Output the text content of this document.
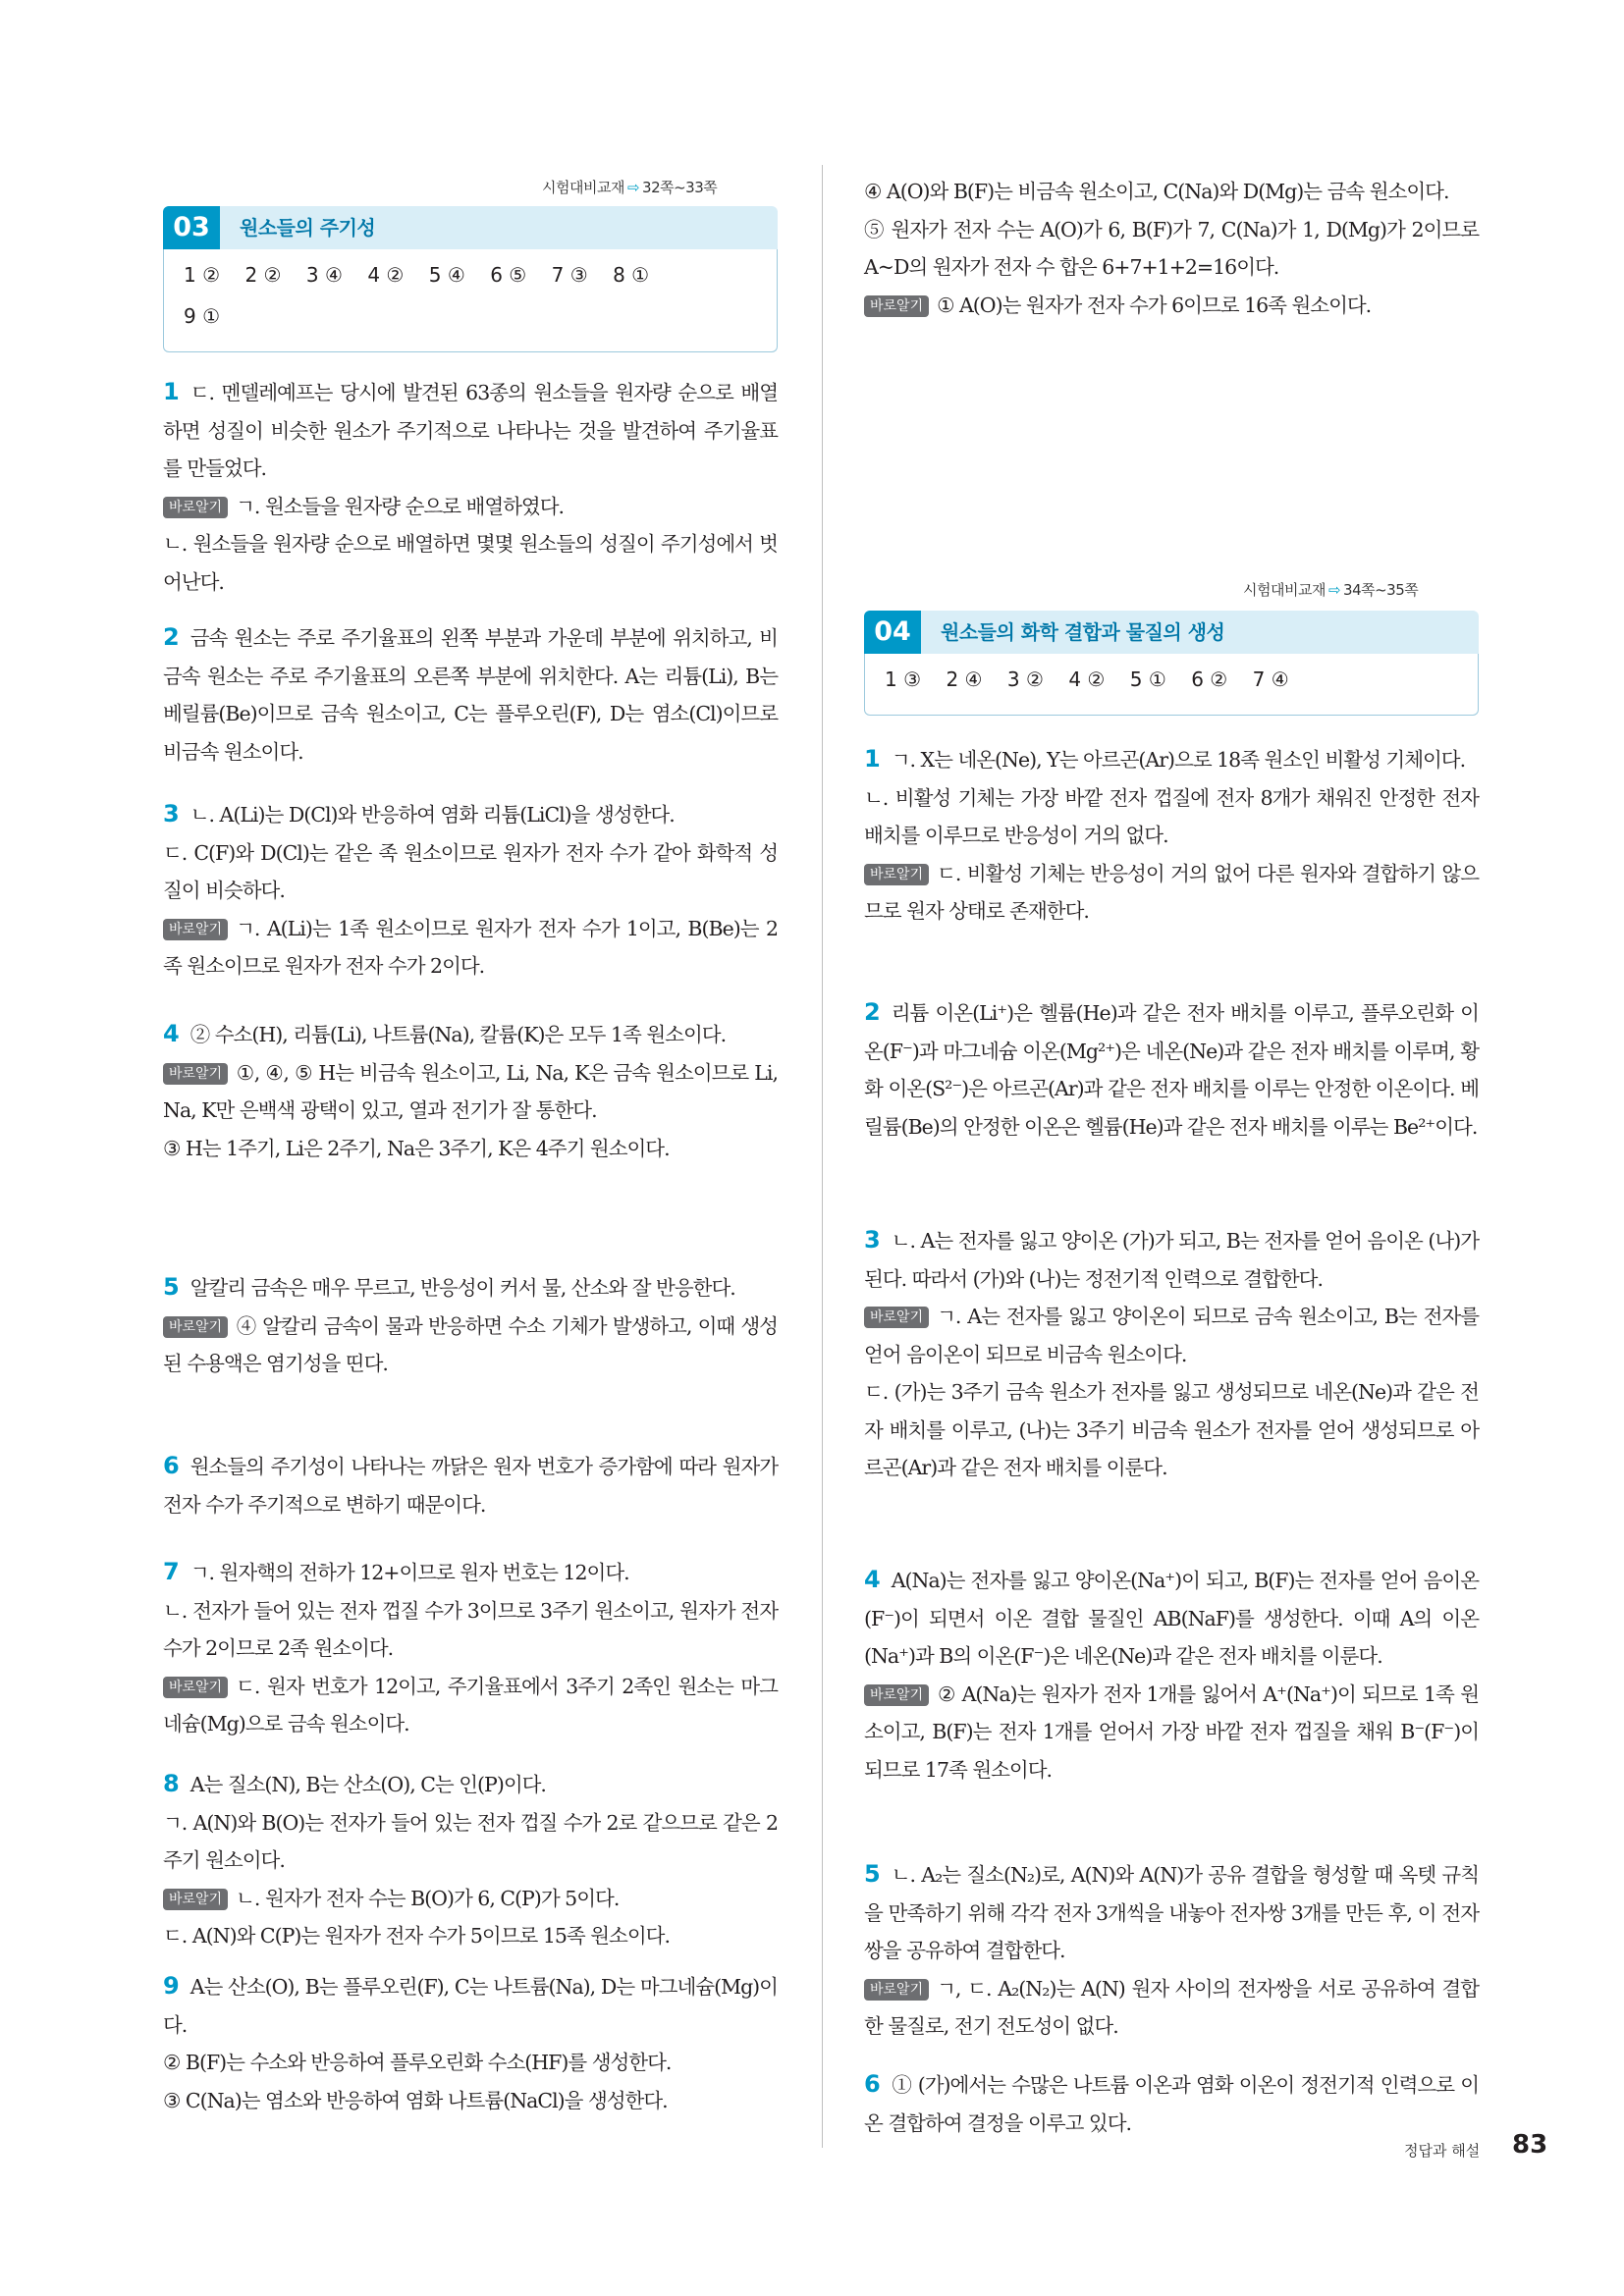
시험대비교재 ⇨ 32쪽~33쪽
03	원소들의 주기성
1 ②    2 ②    3 ④    4 ②    5 ④    6 ⑤    7 ③    8 ①
9 ①

1 ㄷ. 멘델레예프는 당시에 발견된 63종의 원소들을 원자량 순으로 배열하면 성질이 비슷한 원소가 주기적으로 나타나는 것을 발견하여 주기율표를 만들었다.

바로알기 ㄱ. 원소들을 원자량 순으로 배열하였다.

ㄴ. 원소들을 원자량 순으로 배열하면 몇몇 원소들의 성질이 주기성에서 벗어난다.

2 금속 원소는 주로 주기율표의 왼쪽 부분과 가운데 부분에 위치하고, 비금속 원소는 주로 주기율표의 오른쪽 부분에 위치한다. A는 리튬(Li), B는 베릴륨(Be)이므로 금속 원소이고, C는 플루오린(F), D는 염소(Cl)이므로 비금속 원소이다.

3 ㄴ. A(Li)는 D(Cl)와 반응하여 염화 리튬(LiCl)을 생성한다.

ㄷ. C(F)와 D(Cl)는 같은 족 원소이므로 원자가 전자 수가 같아 화학적 성질이 비슷하다.

바로알기 ㄱ. A(Li)는 1족 원소이므로 원자가 전자 수가 1이고, B(Be)는 2족 원소이므로 원자가 전자 수가 2이다.

4 ② 수소(H), 리튬(Li), 나트륨(Na), 칼륨(K)은 모두 1족 원소이다.

바로알기 ①, ④, ⑤ H는 비금속 원소이고, Li, Na, K은 금속 원소이므로 Li, Na, K만 은백색 광택이 있고, 열과 전기가 잘 통한다.

③ H는 1주기, Li은 2주기, Na은 3주기, K은 4주기 원소이다.

5 알칼리 금속은 매우 무르고, 반응성이 커서 물, 산소와 잘 반응한다.

바로알기 ④ 알칼리 금속이 물과 반응하면 수소 기체가 발생하고, 이때 생성된 수용액은 염기성을 띤다.

6 원소들의 주기성이 나타나는 까닭은 원자 번호가 증가함에 따라 원자가 전자 수가 주기적으로 변하기 때문이다.

7 ㄱ. 원자핵의 전하가 12+이므로 원자 번호는 12이다.

ㄴ. 전자가 들어 있는 전자 껍질 수가 3이므로 3주기 원소이고, 원자가 전자 수가 2이므로 2족 원소이다.

바로알기 ㄷ. 원자 번호가 12이고, 주기율표에서 3주기 2족인 원소는 마그네슘(Mg)으로 금속 원소이다.

8 A는 질소(N), B는 산소(O), C는 인(P)이다.

ㄱ. A(N)와 B(O)는 전자가 들어 있는 전자 껍질 수가 2로 같으므로 같은 2주기 원소이다.

바로알기 ㄴ. 원자가 전자 수는 B(O)가 6, C(P)가 5이다.

ㄷ. A(N)와 C(P)는 원자가 전자 수가 5이므로 15족 원소이다.

9 A는 산소(O), B는 플루오린(F), C는 나트륨(Na), D는 마그네슘(Mg)이다.

② B(F)는 수소와 반응하여 플루오린화 수소(HF)를 생성한다.

③ C(Na)는 염소와 반응하여 염화 나트륨(NaCl)을 생성한다.

④ A(O)와 B(F)는 비금속 원소이고, C(Na)와 D(Mg)는 금속 원소이다.

⑤ 원자가 전자 수는 A(O)가 6, B(F)가 7, C(Na)가 1, D(Mg)가 2이므로 A~D의 원자가 전자 수 합은 6+7+1+2=16이다.

바로알기 ① A(O)는 원자가 전자 수가 6이므로 16족 원소이다.

시험대비교재 ⇨ 34쪽~35쪽
04	원소들의 화학 결합과 물질의 생성
1 ③    2 ④    3 ②    4 ②    5 ①    6 ②    7 ④

1 ㄱ. X는 네온(Ne), Y는 아르곤(Ar)으로 18족 원소인 비활성 기체이다.

ㄴ. 비활성 기체는 가장 바깥 전자 껍질에 전자 8개가 채워진 안정한 전자 배치를 이루므로 반응성이 거의 없다.

바로알기 ㄷ. 비활성 기체는 반응성이 거의 없어 다른 원자와 결합하기 않으므로 원자 상태로 존재한다.

2 리튬 이온(Li⁺)은 헬륨(He)과 같은 전자 배치를 이루고, 플루오린화 이온(F⁻)과 마그네슘 이온(Mg²⁺)은 네온(Ne)과 같은 전자 배치를 이루며, 황화 이온(S²⁻)은 아르곤(Ar)과 같은 전자 배치를 이루는 안정한 이온이다. 베릴륨(Be)의 안정한 이온은 헬륨(He)과 같은 전자 배치를 이루는 Be²⁺이다.

3 ㄴ. A는 전자를 잃고 양이온 (가)가 되고, B는 전자를 얻어 음이온 (나)가 된다. 따라서 (가)와 (나)는 정전기적 인력으로 결합한다.

바로알기 ㄱ. A는 전자를 잃고 양이온이 되므로 금속 원소이고, B는 전자를 얻어 음이온이 되므로 비금속 원소이다.

ㄷ. (가)는 3주기 금속 원소가 전자를 잃고 생성되므로 네온(Ne)과 같은 전자 배치를 이루고, (나)는 3주기 비금속 원소가 전자를 얻어 생성되므로 아르곤(Ar)과 같은 전자 배치를 이룬다.

4 A(Na)는 전자를 잃고 양이온(Na⁺)이 되고, B(F)는 전자를 얻어 음이온(F⁻)이 되면서 이온 결합 물질인 AB(NaF)를 생성한다. 이때 A의 이온(Na⁺)과 B의 이온(F⁻)은 네온(Ne)과 같은 전자 배치를 이룬다.

바로알기 ② A(Na)는 원자가 전자 1개를 잃어서 A⁺(Na⁺)이 되므로 1족 원소이고, B(F)는 전자 1개를 얻어서 가장 바깥 전자 껍질을 채워 B⁻(F⁻)이 되므로 17족 원소이다.

5 ㄴ. A₂는 질소(N₂)로, A(N)와 A(N)가 공유 결합을 형성할 때 옥텟 규칙을 만족하기 위해 각각 전자 3개씩을 내놓아 전자쌍 3개를 만든 후, 이 전자쌍을 공유하여 결합한다.

바로알기 ㄱ, ㄷ. A₂(N₂)는 A(N) 원자 사이의 전자쌍을 서로 공유하여 결합한 물질로, 전기 전도성이 없다.

6 ① (가)에서는 수많은 나트륨 이온과 염화 이온이 정전기적 인력으로 이온 결합하여 결정을 이루고 있다.

정답과 해설 83
